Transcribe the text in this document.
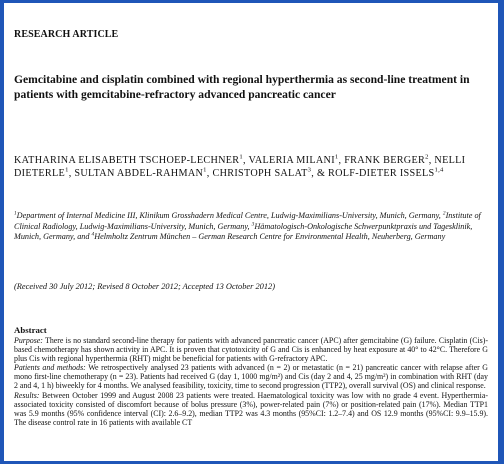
RESEARCH ARTICLE
Gemcitabine and cisplatin combined with regional hyperthermia as second-line treatment in patients with gemcitabine-refractory advanced pancreatic cancer
KATHARINA ELISABETH TSCHOEP-LECHNER$^1$, VALERIA MILANI$^1$, FRANK BERGER$^2$, NELLI DIETERLE$^1$, SULTAN ABDEL-RAHMAN$^1$, CHRISTOPH SALAT$^3$, & ROLF-DIETER ISSELS$^{1,4}$
$^1$Department of Internal Medicine III, Klinikum Grosshadern Medical Centre, Ludwig-Maximilians-University, Munich, Germany, $^2$Institute of Clinical Radiology, Ludwig-Maximilians-University, Munich, Germany, $^3$Hämatologisch-Onkologische Schwerpunktpraxis und Tagesklinik, Munich, Germany, and $^4$Helmholtz Zentrum München – German Research Centre for Environmental Health, Neuherberg, Germany
(Received 30 July 2012; Revised 8 October 2012; Accepted 13 October 2012)
Abstract

Purpose: There is no standard second-line therapy for patients with advanced pancreatic cancer (APC) after gemcitabine (G) failure. Cisplatin (Cis)-based chemotherapy has shown activity in APC. It is proven that cytotoxicity of G and Cis is enhanced by heat exposure at 40° to 42°C. Therefore G plus Cis with regional hyperthermia (RHT) might be beneficial for patients with G-refractory APC.

Patients and methods: We retrospectively analysed 23 patients with advanced (n = 2) or metastatic (n = 21) pancreatic cancer with relapse after G mono first-line chemotherapy (n = 23). Patients had received G (day 1, 1000 mg/m²) and Cis (day 2 and 4, 25 mg/m²) in combination with RHT (day 2 and 4, 1 h) biweekly for 4 months. We analysed feasibility, toxicity, time to second progression (TTP2), overall survival (OS) and clinical response.

Results: Between October 1999 and August 2008 23 patients were treated. Haematological toxicity was low with no grade 4 event. Hyperthermia-associated toxicity consisted of discomfort because of bolus pressure (3%), power-related pain (7%) or position-related pain (17%). Median TTP1 was 5.9 months (95% confidence interval (CI): 2.6–9.2), median TTP2 was 4.3 months (95%CI: 1.2–7.4) and OS 12.9 months (95%CI: 9.9–15.9). The disease control rate in 16 patients with available CT
